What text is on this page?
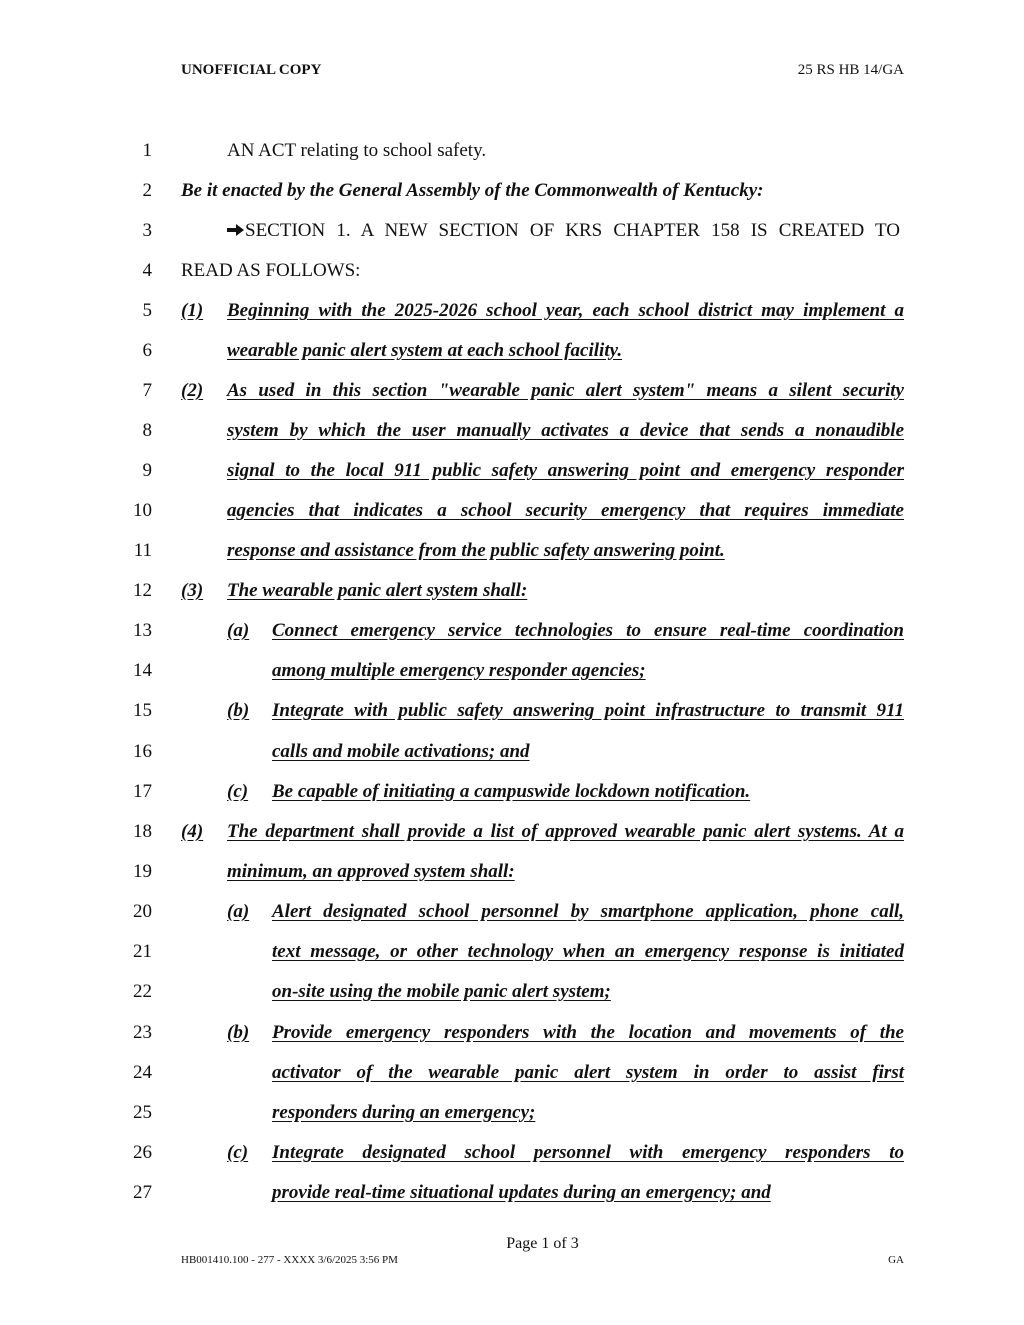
UNOFFICIAL COPY	25 RS HB 14/GA
1
2
3
4
5
6
7
8
9
10
11
12
13
14
15
16
17
18
19
20
21
22
23
24
25
26
27
AN ACT relating to school safety.
Be it enacted by the General Assembly of the Commonwealth of Kentucky:
SECTION 1. A NEW SECTION OF KRS CHAPTER 158 IS CREATED TO
READ AS FOLLOWS:
(1) Beginning with the 2025-2026 school year, each school district may implement a
wearable panic alert system at each school facility.
(2) As used in this section "wearable panic alert system" means a silent security
system by which the user manually activates a device that sends a nonaudible
signal to the local 911 public safety answering point and emergency responder
agencies that indicates a school security emergency that requires immediate
response and assistance from the public safety answering point.
(3) The wearable panic alert system shall:
(a) Connect emergency service technologies to ensure real-time coordination
among multiple emergency responder agencies;
(b) Integrate with public safety answering point infrastructure to transmit 911
calls and mobile activations; and
(c) Be capable of initiating a campuswide lockdown notification.
(4) The department shall provide a list of approved wearable panic alert systems. At a
minimum, an approved system shall:
(a) Alert designated school personnel by smartphone application, phone call,
text message, or other technology when an emergency response is initiated
on-site using the mobile panic alert system;
(b) Provide emergency responders with the location and movements of the
activator of the wearable panic alert system in order to assist first
responders during an emergency;
(c) Integrate designated school personnel with emergency responders to
provide real-time situational updates during an emergency; and
Page 1 of 3
HB001410.100 - 277 - XXXX 3/6/2025 3:56 PM	GA
